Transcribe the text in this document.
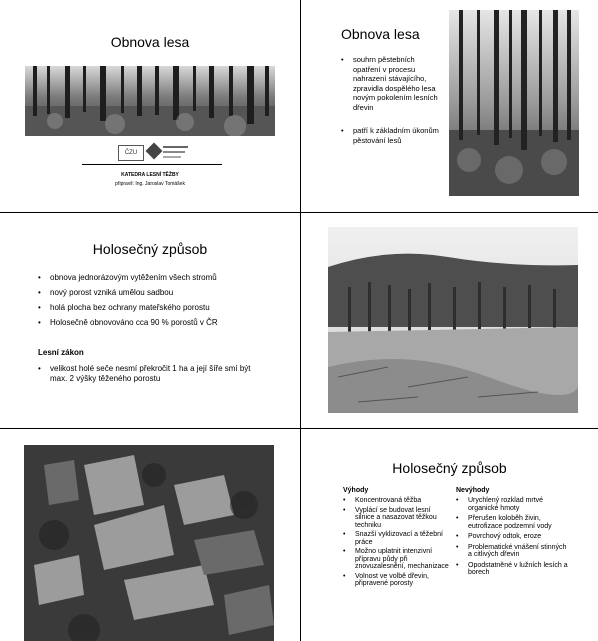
Obnova lesa
ČZU
KATEDRA LESNÍ TĚŽBY
připravil: Ing. Jaroslav Tomášek
Obnova lesa
• souhrn pěstebních opatření v procesu nahrazení stávajícího, zpravidla dospělého lesa novým pokolením lesních dřevin
• patří k základním úkonům pěstování lesů
Holosečný způsob
• obnova jednorázovým vytěžením všech stromů
• nový porost vzniká umělou sadbou
• holá plocha bez ochrany mateřského porostu
• Holosečně obnovováno cca 90 % porostů v ČR
Lesní zákon
• velikost holé seče nesmí překročit 1 ha a její šíře smí být max. 2 výšky těženého porostu
Holosečný způsob
Výhody
• Koncentrovaná těžba
• Vyplácí se budovat lesní silnice a nasazovat těžkou techniku
• Snazší vyklizovací a těžební práce
• Možno uplatnit intenzivní přípravu půdy při znovuzalesnění, mechanizace
• Volnost ve volbě dřevin, připravené porosty
Nevýhody
• Urychlený rozklad mrtvé organické hmoty
• Přerušen koloběh živin, eutrofizace podzemní vody
• Povrchový odtok, eroze
• Problematické vnášení stinných a citlivých dřevin
• Opodstatněné v lužních lesích a borech
